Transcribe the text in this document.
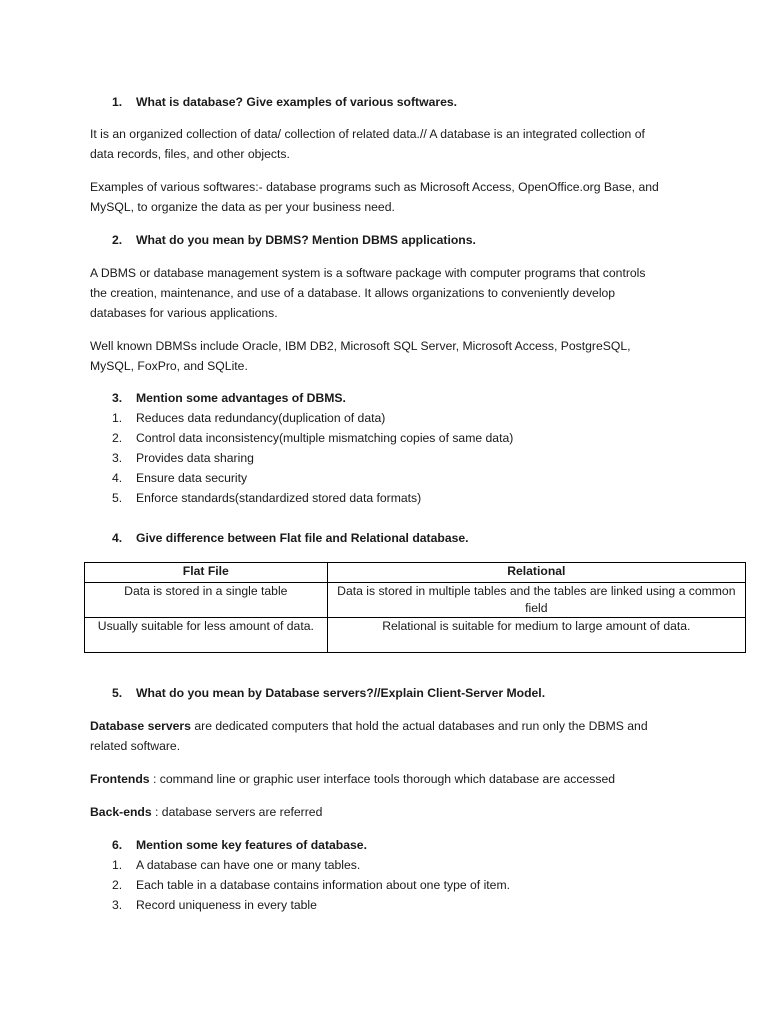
1. What is database? Give examples of various softwares.
It is an organized collection of data/ collection of related data.// A database is an integrated collection of
data records, files, and other objects.
Examples of various softwares:- database programs such as Microsoft Access, OpenOffice.org Base, and
MySQL, to organize the data as per your business need.
2. What do you mean by DBMS? Mention DBMS applications.
A DBMS or database management system is a software package with computer programs that controls
the creation, maintenance, and use of a database. It allows organizations to conveniently develop
databases for various applications.
Well known DBMSs include Oracle, IBM DB2, Microsoft SQL Server, Microsoft Access, PostgreSQL,
MySQL, FoxPro, and SQLite.
3. Mention some advantages of DBMS.
1. Reduces data redundancy(duplication of data)
2. Control data inconsistency(multiple mismatching copies of same data)
3. Provides data sharing
4. Ensure data security
5. Enforce standards(standardized stored data formats)
4. Give difference between Flat file and Relational database.
Flat File	Relational
Data is stored in a single table	Data is stored in multiple tables and the tables are linked using a common field
Usually suitable for less amount of data.	Relational is suitable for medium to large amount of data.
5. What do you mean by Database servers?//Explain Client-Server Model.
Database servers are dedicated computers that hold the actual databases and run only the DBMS and
related software.
Frontends : command line or graphic user interface tools thorough which database are accessed
Back-ends : database servers are referred
6. Mention some key features of database.
1. A database can have one or many tables.
2. Each table in a database contains information about one type of item.
3. Record uniqueness in every table
